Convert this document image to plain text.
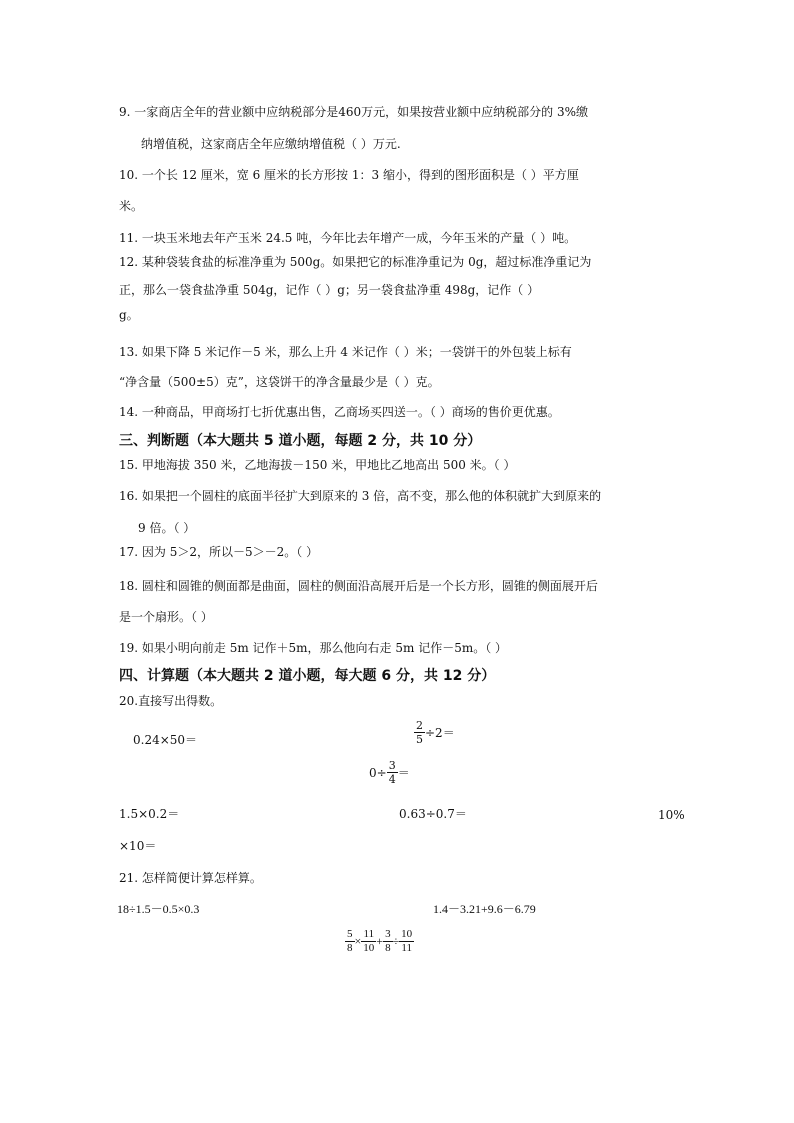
9. 一家商店全年的营业额中应纳税部分是460万元，如果按营业额中应纳税部分的 3%缴
纳增值税，这家商店全年应缴纳增值税（ ）万元.
10. 一个长 12 厘米，宽 6 厘米的长方形按 1：3 缩小，得到的图形面积是（ ）平方厘
米。
11. 一块玉米地去年产玉米 24.5 吨，今年比去年增产一成，今年玉米的产量（ ）吨。
12. 某种袋装食盐的标准净重为 500g。如果把它的标准净重记为 0g，超过标准净重记为
正，那么一袋食盐净重 504g，记作（ ）g；另一袋食盐净重 498g，记作（ ）
g。
13. 如果下降 5 米记作－5 米，那么上升 4 米记作（ ）米；一袋饼干的外包装上标有
“净含量（500±5）克”，这袋饼干的净含量最少是（ ）克。
14. 一种商品，甲商场打七折优惠出售，乙商场买四送一。（ ）商场的售价更优惠。
三、判断题（本大题共 5 道小题，每题 2 分，共 10 分）
15. 甲地海拔 350 米，乙地海拔－150 米，甲地比乙地高出 500 米。（ ）
16. 如果把一个圆柱的底面半径扩大到原来的 3 倍，高不变，那么他的体积就扩大到原来的
9 倍。（ ）
17. 因为 5＞2，所以－5＞－2。（ ）
18. 圆柱和圆锥的侧面都是曲面，圆柱的侧面沿高展开后是一个长方形，圆锥的侧面展开后
是一个扇形。（ ）
19. 如果小明向前走 5m 记作＋5m，那么他向右走 5m 记作－5m。（ ）
四、计算题（本大题共 2 道小题，每大题 6 分，共 12 分）
20.直接写出得数。
0.24×50＝	$\frac{2}{5} \div 2=$
$0\div \frac{3}{4}$ ＝
1.5×0.2＝	0.63÷0.7＝	10%
×10＝
21. 怎样简便计算怎样算。
18÷1.5－0.5×0.3	1.4－3.21+9.6－6.79
$\frac{5}{8} \times \frac{11}{10} + \frac{3}{8} \div \frac{10}{11}$
